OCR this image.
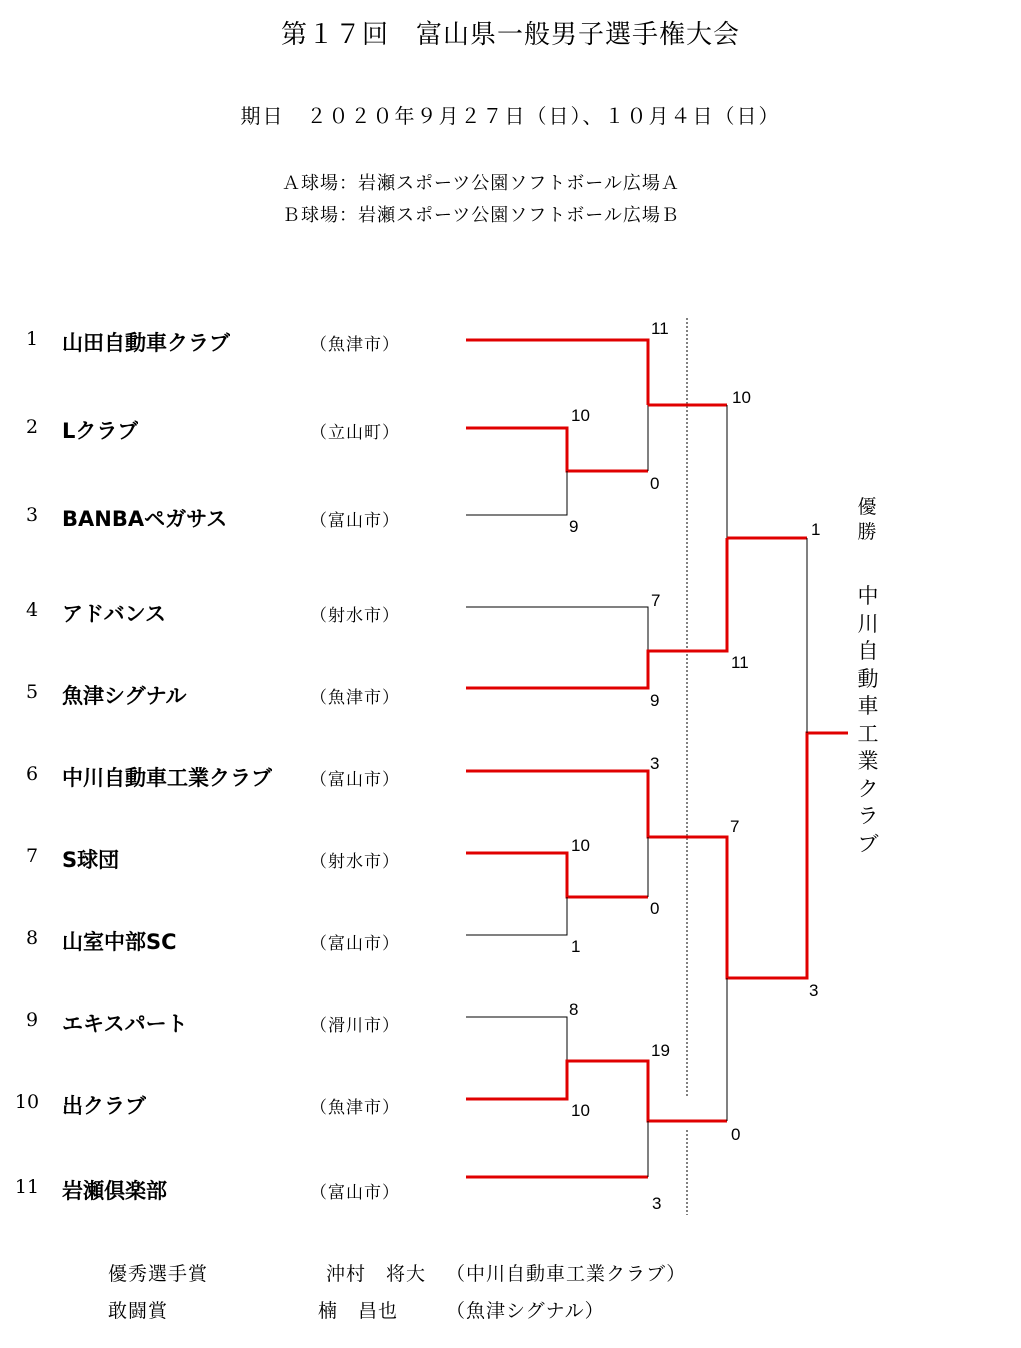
第１７回　富山県一般男子選手権大会
期日　２０２０年９月２７日（日）、１０月４日（日）
Ａ球場：岩瀬スポーツ公園ソフトボール広場Ａ
Ｂ球場：岩瀬スポーツ公園ソフトボール広場Ｂ
1	山田自動車クラブ	（魚津市）
2	Lクラブ	（立山町）
3	BANBAペガサス	（富山市）
4	アドバンス	（射水市）
5	魚津シグナル	（魚津市）
6	中川自動車工業クラブ （富山市）
7	S球団	（射水市）
8	山室中部SC	（富山市）
9	エキスパート	（滑川市）
10	出クラブ	（魚津市）
11	岩瀬倶楽部	（富山市）
10
9
10
1
8
10
11
0
7
9
3
0
19
3
10
11
7
0
1
3
優勝
中川自動車工業クラブ
優秀選手賞	沖村　将大 （中川自動車工業クラブ）
敢闘賞	楠　昌也	（魚津シグナル）
